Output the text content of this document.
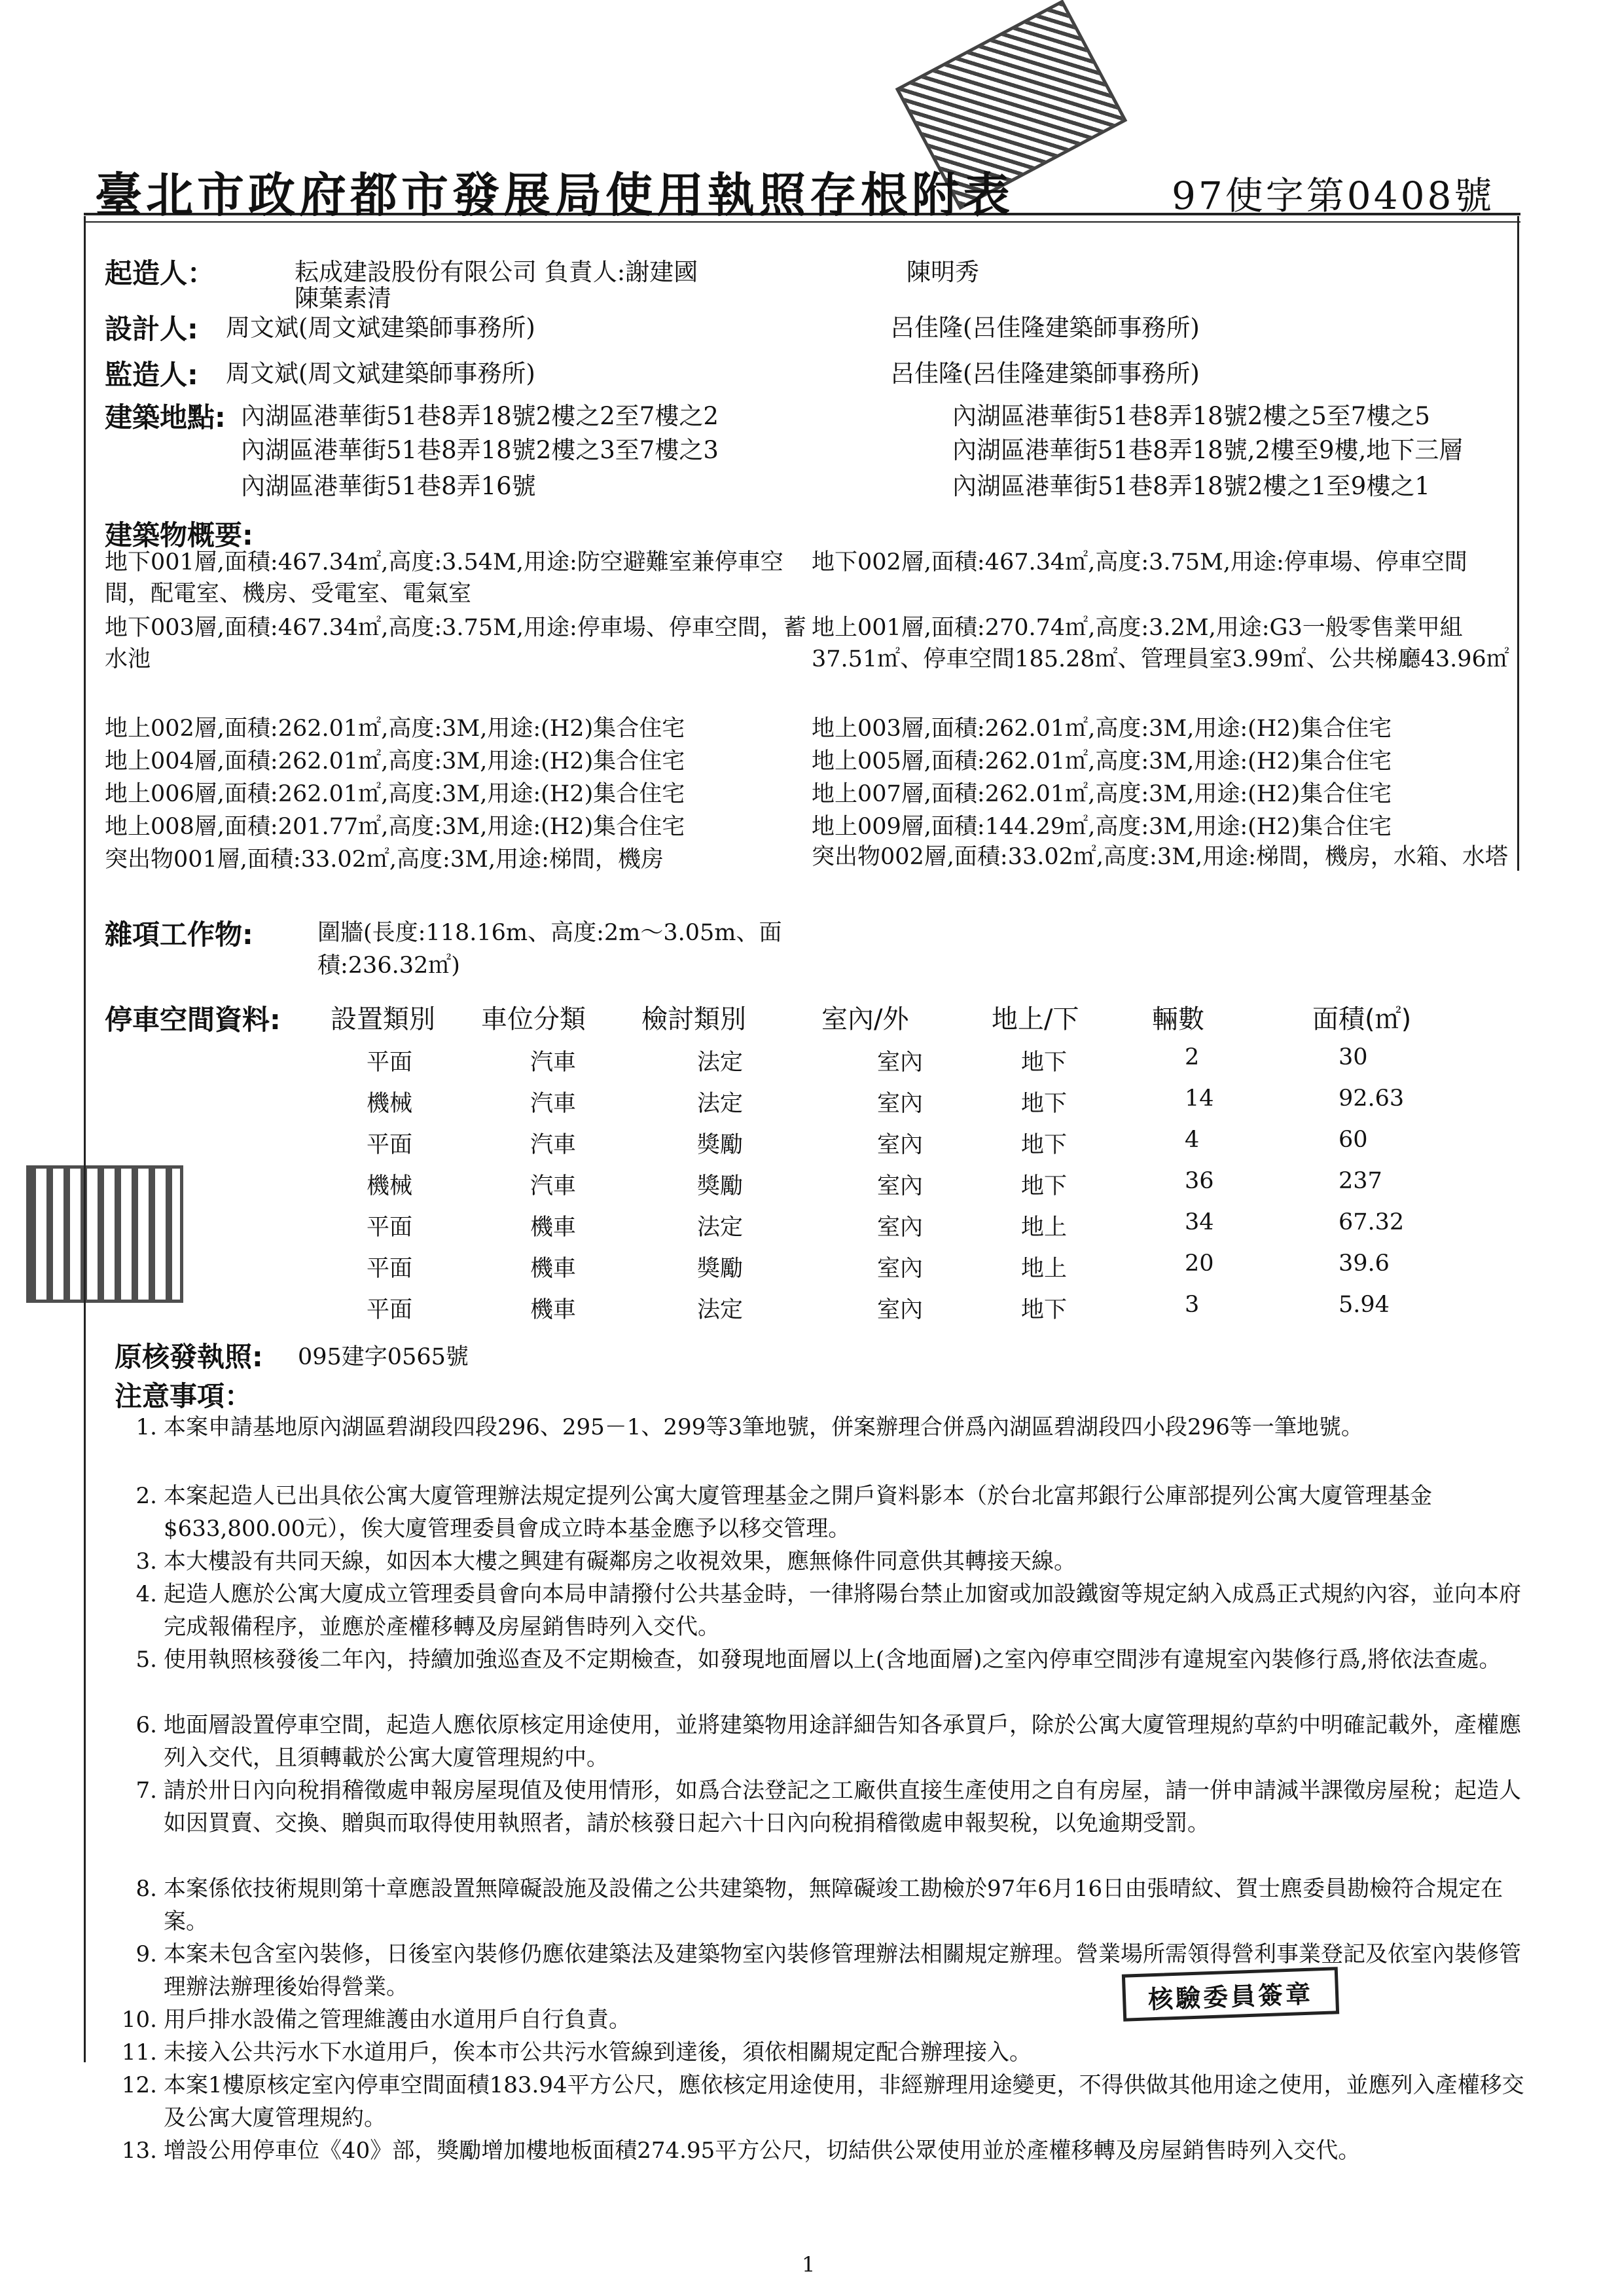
臺北市政府都市發展局使用執照存根附表	97使字第0408號
起造人：	耘成建設股份有限公司 負責人:謝建國
陳葉素清
陳明秀
設計人: 周文斌(周文斌建築師事務所)	呂佳隆(呂佳隆建築師事務所)
監造人: 周文斌(周文斌建築師事務所)	呂佳隆(呂佳隆建築師事務所)
建築地點: 內湖區港華街51巷8弄18號2樓之2至7樓之2
內湖區港華街51巷8弄18號2樓之3至7樓之3
內湖區港華街51巷8弄16號
內湖區港華街51巷8弄18號2樓之5至7樓之5
內湖區港華街51巷8弄18號,2樓至9樓,地下三層
內湖區港華街51巷8弄18號2樓之1至9樓之1
建築物概要:
地下001層,面積:467.34㎡,高度:3.54M,用途:防空避難室兼停車空間，配電室、機房、受電室、電氣室
地下003層,面積:467.34㎡,高度:3.75M,用途:停車場、停車空間，蓄水池
地上002層,面積:262.01㎡,高度:3M,用途:(H2)集合住宅
地上004層,面積:262.01㎡,高度:3M,用途:(H2)集合住宅
地上006層,面積:262.01㎡,高度:3M,用途:(H2)集合住宅
地上008層,面積:201.77㎡,高度:3M,用途:(H2)集合住宅
突出物001層,面積:33.02㎡,高度:3M,用途:梯間，機房
地下002層,面積:467.34㎡,高度:3.75M,用途:停車場、停車空間
地上001層,面積:270.74㎡,高度:3.2M,用途:G3一般零售業甲組37.51㎡、停車空間185.28㎡、管理員室3.99㎡、公共梯廳43.96㎡
地上003層,面積:262.01㎡,高度:3M,用途:(H2)集合住宅
地上005層,面積:262.01㎡,高度:3M,用途:(H2)集合住宅
地上007層,面積:262.01㎡,高度:3M,用途:(H2)集合住宅
地上009層,面積:144.29㎡,高度:3M,用途:(H2)集合住宅
突出物002層,面積:33.02㎡,高度:3M,用途:梯間，機房，水箱、水塔
雜項工作物:	圍牆(長度:118.16m、高度:2m～3.05m、面積:236.32㎡)
停車空間資料: 設置類別 車位分類 檢討類別	室內/外	地上/下	輛數	面積(㎡)
平面	汽車	法定	室內	地下	2	30
機械	汽車	法定	室內	地下	14	92.63
平面	汽車	獎勵	室內	地下	4	60
機械	汽車	獎勵	室內	地下	36	237
平面	機車	法定	室內	地上	34	67.32
平面	機車	獎勵	室內	地上	20	39.6
平面	機車	法定	室內	地下	3	5.94
原核發執照: 095建字0565號
注意事項：
1. 本案申請基地原內湖區碧湖段四段296、295－1、299等3筆地號，併案辦理合併爲內湖區碧湖段四小段296等一筆地號。
2. 本案起造人已出具依公寓大廈管理辦法規定提列公寓大廈管理基金之開戶資料影本（於台北富邦銀行公庫部提列公寓大廈管理基金$633,800.00元），俟大廈管理委員會成立時本基金應予以移交管理。
3. 本大樓設有共同天線，如因本大樓之興建有礙鄰房之收視效果，應無條件同意供其轉接天線。
4. 起造人應於公寓大廈成立管理委員會向本局申請撥付公共基金時，一律將陽台禁止加窗或加設鐵窗等規定納入成爲正式規約內容，並向本府完成報備程序，並應於產權移轉及房屋銷售時列入交代。
5. 使用執照核發後二年內，持續加強巡查及不定期檢查，如發現地面層以上(含地面層)之室內停車空間涉有違規室內裝修行爲,將依法查處。
6. 地面層設置停車空間，起造人應依原核定用途使用，並將建築物用途詳細告知各承買戶，除於公寓大廈管理規約草約中明確記載外，產權應列入交代，且須轉載於公寓大廈管理規約中。
7. 請於卅日內向稅捐稽徵處申報房屋現值及使用情形，如爲合法登記之工廠供直接生產使用之自有房屋，請一併申請減半課徵房屋稅；起造人如因買賣、交換、贈與而取得使用執照者，請於核發日起六十日內向稅捐稽徵處申報契稅，以免逾期受罰。
8. 本案係依技術規則第十章應設置無障礙設施及設備之公共建築物，無障礙竣工勘檢於97年6月16日由張晴紋、賀士麃委員勘檢符合規定在案。
9. 本案未包含室內裝修，日後室內裝修仍應依建築法及建築物室內裝修管理辦法相關規定辦理。營業場所需領得營利事業登記及依室內裝修管理辦法辦理後始得營業。
10. 用戶排水設備之管理維護由水道用戶自行負責。
11. 未接入公共污水下水道用戶，俟本市公共污水管線到達後，須依相關規定配合辦理接入。
12. 本案1樓原核定室內停車空間面積183.94平方公尺，應依核定用途使用，非經辦理用途變更，不得供做其他用途之使用，並應列入產權移交及公寓大廈管理規約。
13. 增設公用停車位《40》部，獎勵增加樓地板面積274.95平方公尺，切結供公眾使用並於產權移轉及房屋銷售時列入交代。
核驗委員簽章
1
